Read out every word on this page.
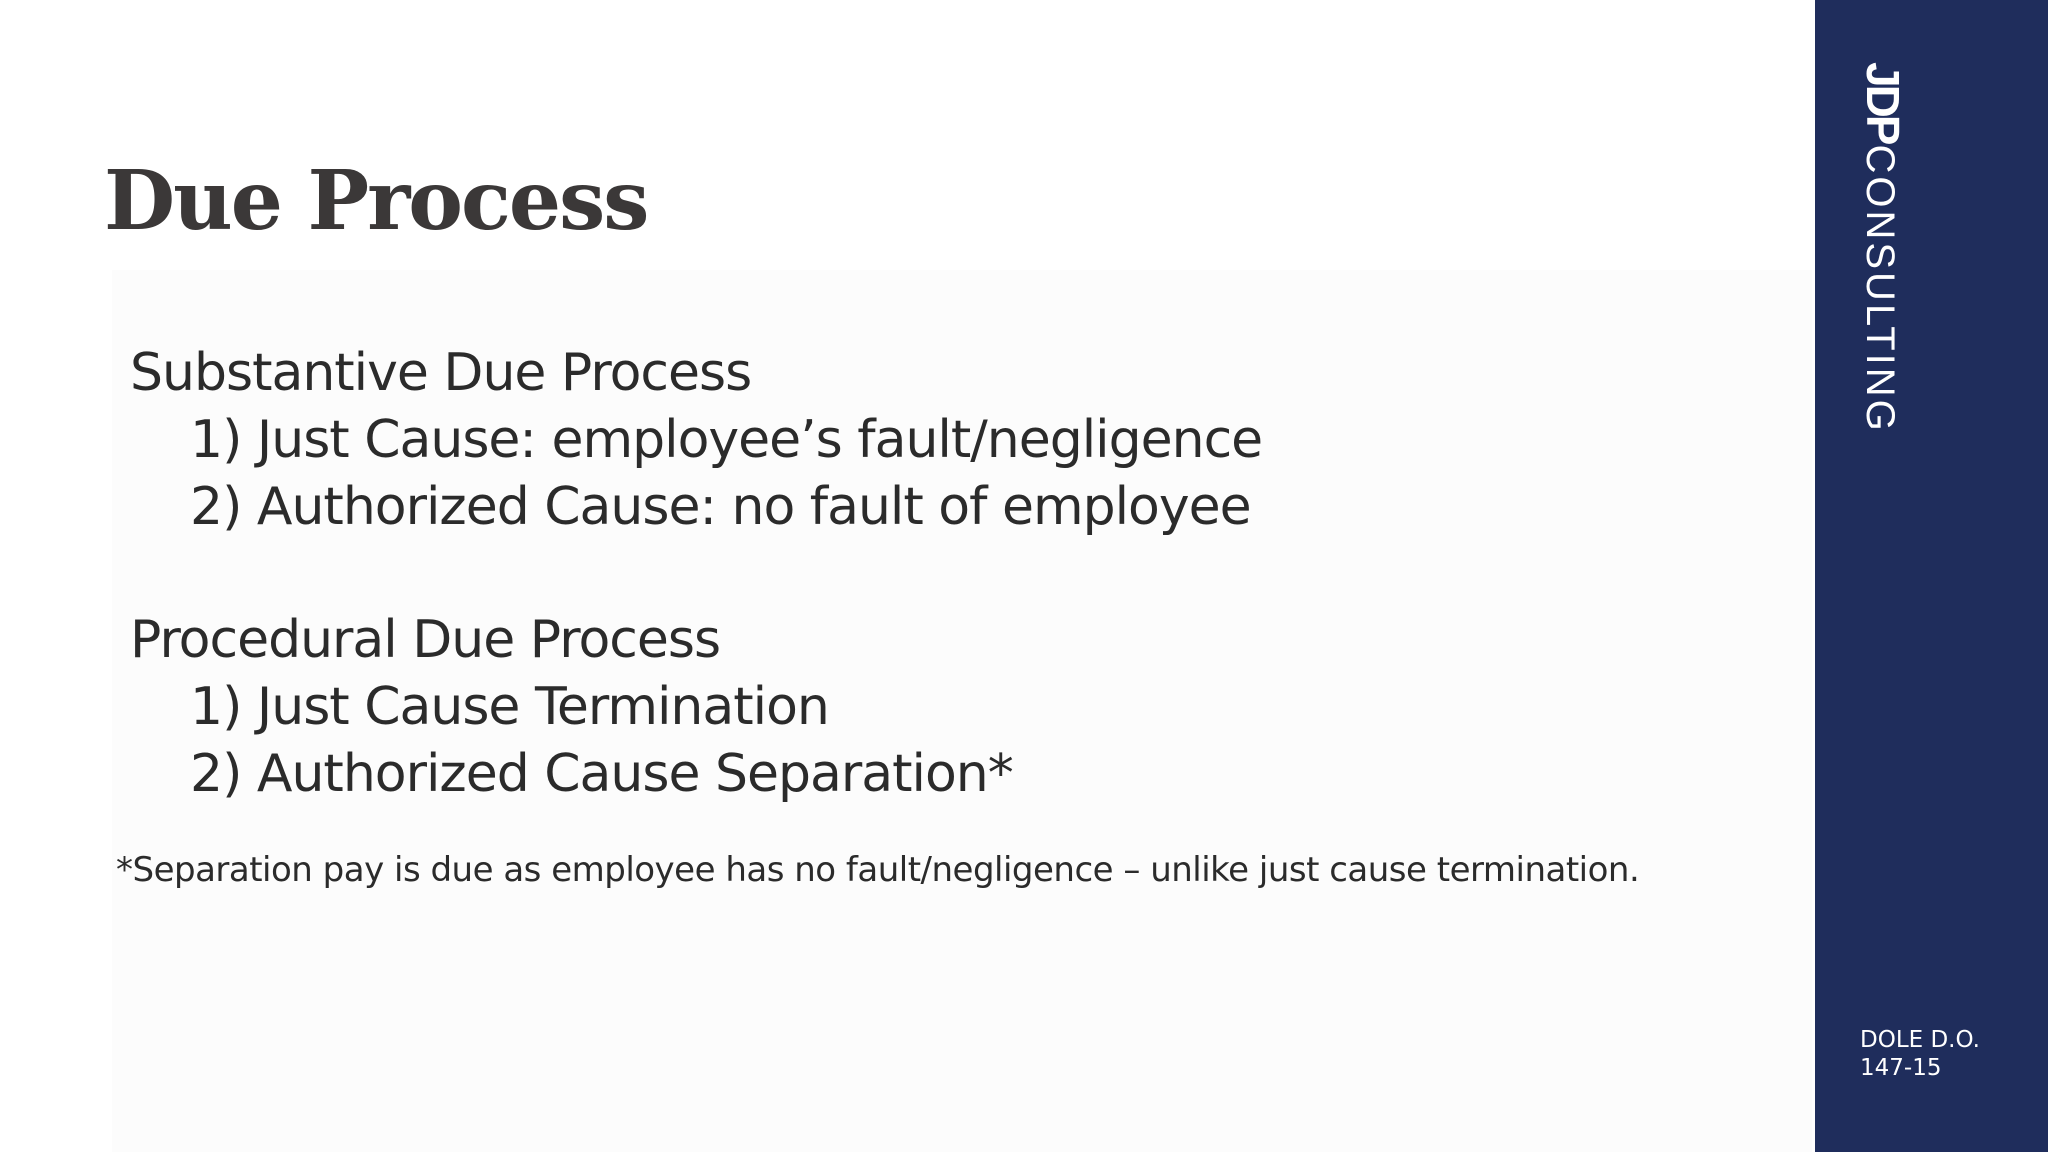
Due Process

Substantive Due Process

1) Just Cause: employee’s fault/negligence

2) Authorized Cause: no fault of employee

Procedural Due Process

1) Just Cause Termination

2) Authorized Cause Separation*

*Separation pay is due as employee has no fault/negligence – unlike just cause termination.
JDPCONSULTING
DOLE D.O.
147-15
